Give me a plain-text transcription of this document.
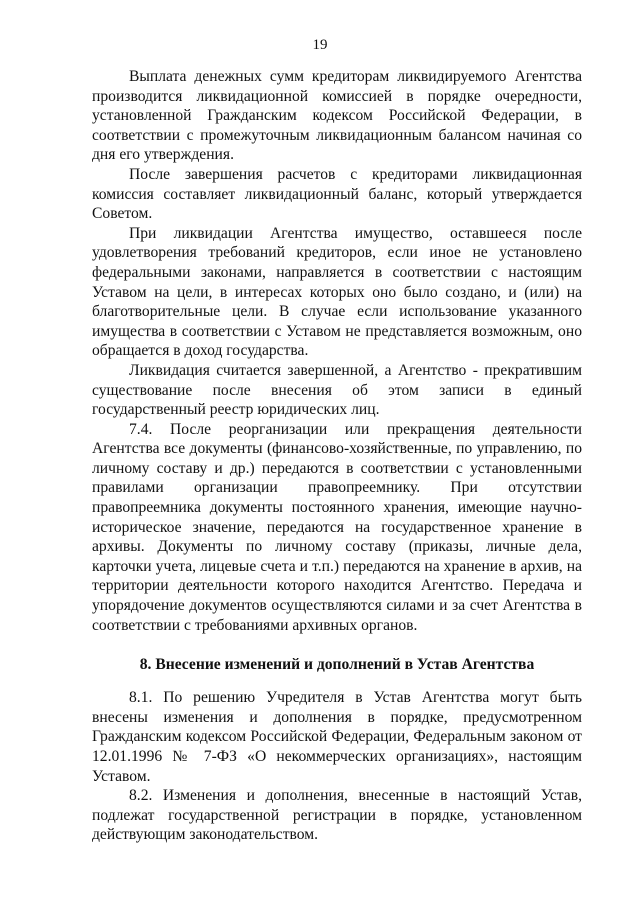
19

Выплата денежных сумм кредиторам ликвидируемого Агентства производится ликвидационной комиссией в порядке очередности, установленной Гражданским кодексом Российской Федерации, в соответствии с промежуточным ликвидационным балансом начиная со дня его утверждения.

После завершения расчетов с кредиторами ликвидационная комиссия составляет ликвидационный баланс, который утверждается Советом.

При ликвидации Агентства имущество, оставшееся после удовлетворения требований кредиторов, если иное не установлено федеральными законами, направляется в соответствии с настоящим Уставом на цели, в интересах которых оно было создано, и (или) на благотворительные цели. В случае если использование указанного имущества в соответствии с Уставом не представляется возможным, оно обращается в доход государства.

Ликвидация считается завершенной, а Агентство - прекратившим существование после внесения об этом записи в единый государственный реестр юридических лиц.

7.4. После реорганизации или прекращения деятельности Агентства все документы (финансово-хозяйственные, по управлению, по личному составу и др.) передаются в соответствии с установленными правилами организации правопреемнику. При отсутствии правопреемника документы постоянного хранения, имеющие научно-историческое значение, передаются на государственное хранение в архивы. Документы по личному составу (приказы, личные дела, карточки учета, лицевые счета и т.п.) передаются на хранение в архив, на территории деятельности которого находится Агентство. Передача и упорядочение документов осуществляются силами и за счет Агентства в соответствии с требованиями архивных органов.

8. Внесение изменений и дополнений в Устав Агентства

8.1. По решению Учредителя в Устав Агентства могут быть внесены изменения и дополнения в порядке, предусмотренном Гражданским кодексом Российской Федерации, Федеральным законом от 12.01.1996 № 7-ФЗ «О некоммерческих организациях», настоящим Уставом.

8.2. Изменения и дополнения, внесенные в настоящий Устав, подлежат государственной регистрации в порядке, установленном действующим законодательством.
